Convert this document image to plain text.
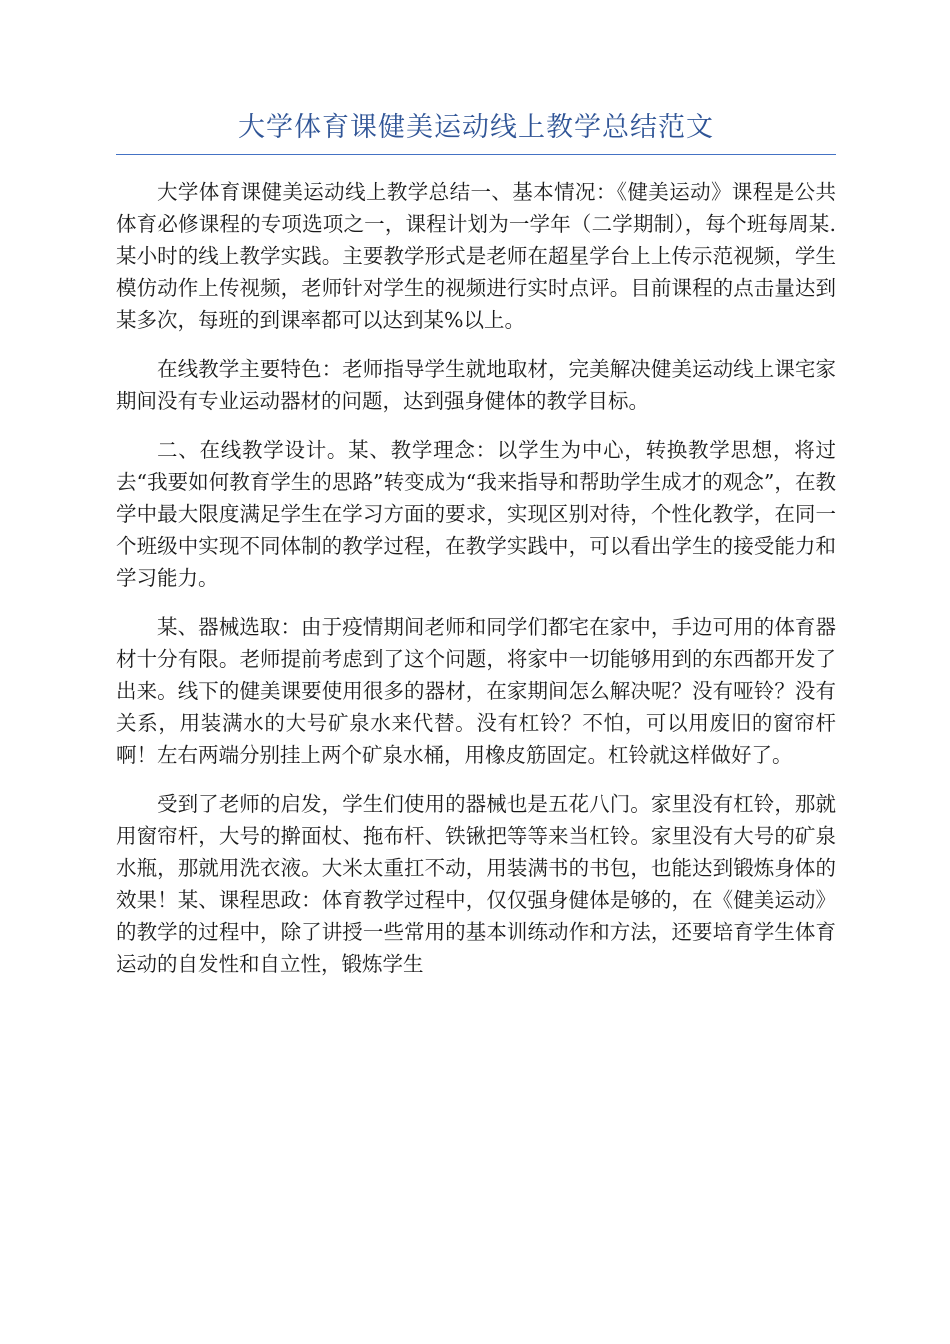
大学体育课健美运动线上教学总结范文

大学体育课健美运动线上教学总结一、基本情况：《健美运动》课程是公共体育必修课程的专项选项之一，课程计划为一学年（二学期制），每个班每周某.某小时的线上教学实践。主要教学形式是老师在超星学台上上传示范视频，学生模仿动作上传视频，老师针对学生的视频进行实时点评。目前课程的点击量达到某多次，每班的到课率都可以达到某%以上。

在线教学主要特色：老师指导学生就地取材，完美解决健美运动线上课宅家期间没有专业运动器材的问题，达到强身健体的教学目标。

二、在线教学设计。某、教学理念：以学生为中心，转换教学思想，将过去“我要如何教育学生的思路”转变成为“我来指导和帮助学生成才的观念”，在教学中最大限度满足学生在学习方面的要求，实现区别对待，个性化教学，在同一个班级中实现不同体制的教学过程，在教学实践中，可以看出学生的接受能力和学习能力。

某、器械选取：由于疫情期间老师和同学们都宅在家中，手边可用的体育器材十分有限。老师提前考虑到了这个问题，将家中一切能够用到的东西都开发了出来。线下的健美课要使用很多的器材，在家期间怎么解决呢？没有哑铃？没有关系，用装满水的大号矿泉水来代替。没有杠铃？不怕，可以用废旧的窗帘杆啊！左右两端分别挂上两个矿泉水桶，用橡皮筋固定。杠铃就这样做好了。

受到了老师的启发，学生们使用的器械也是五花八门。家里没有杠铃，那就用窗帘杆，大号的擀面杖、拖布杆、铁锹把等等来当杠铃。家里没有大号的矿泉水瓶，那就用洗衣液。大米太重扛不动，用装满书的书包，也能达到锻炼身体的效果！某、课程思政：体育教学过程中，仅仅强身健体是够的，在《健美运动》的教学的过程中，除了讲授一些常用的基本训练动作和方法，还要培育学生体育运动的自发性和自立性，锻炼学生
